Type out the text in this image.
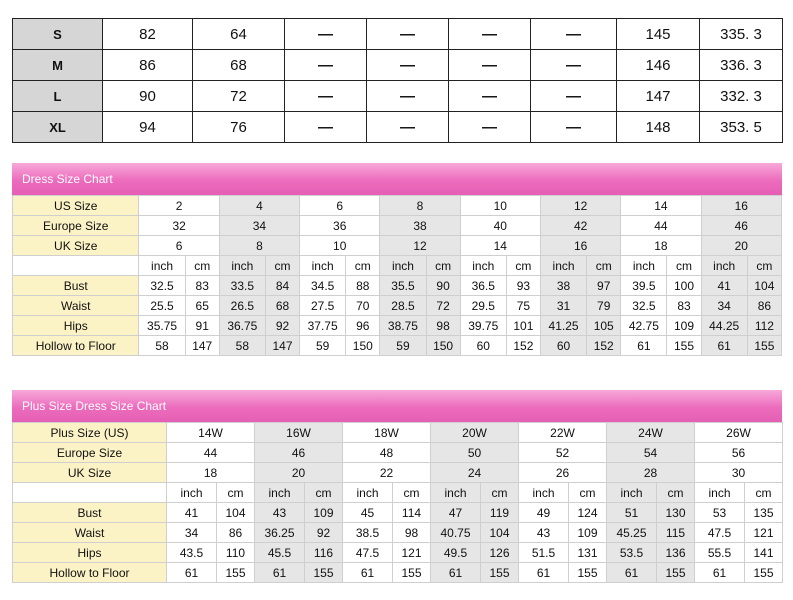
S	82	64	—	—	—	—	145	335. 3
M	86	68	—	—	—	—	146	336. 3
L	90	72	—	—	—	—	147	332. 3
XL	94	76	—	—	—	—	148	353. 5
Dress Size Chart
US Size	2		4		6		8		10		12		14		16	
Europe Size	32		34		36		38		40		42		44		46	
UK Size	6		8		10		12		14		16		18		20	
	inch	cm	inch	cm	inch	cm	inch	cm	inch	cm	inch	cm	inch	cm	inch	cm
Bust	32.5	83	33.5	84	34.5	88	35.5	90	36.5	93	38	97	39.5	100	41	104
Waist	25.5	65	26.5	68	27.5	70	28.5	72	29.5	75	31	79	32.5	83	34	86
Hips	35.75	91	36.75	92	37.75	96	38.75	98	39.75	101	41.25	105	42.75	109	44.25	112
Hollow to Floor	58	147	58	147	59	150	59	150	60	152	60	152	61	155	61	155
Plus Size Dress Size Chart
Plus Size (US)	14W		16W		18W		20W		22W		24W		26W	
Europe Size	44		46		48		50		52		54		56	
UK Size	18		20		22		24		26		28		30	
	inch	cm	inch	cm	inch	cm	inch	cm	inch	cm	inch	cm	inch	cm
Bust	41	104	43	109	45	114	47	119	49	124	51	130	53	135
Waist	34	86	36.25	92	38.5	98	40.75	104	43	109	45.25	115	47.5	121
Hips	43.5	110	45.5	116	47.5	121	49.5	126	51.5	131	53.5	136	55.5	141
Hollow to Floor	61	155	61	155	61	155	61	155	61	155	61	155	61	155
